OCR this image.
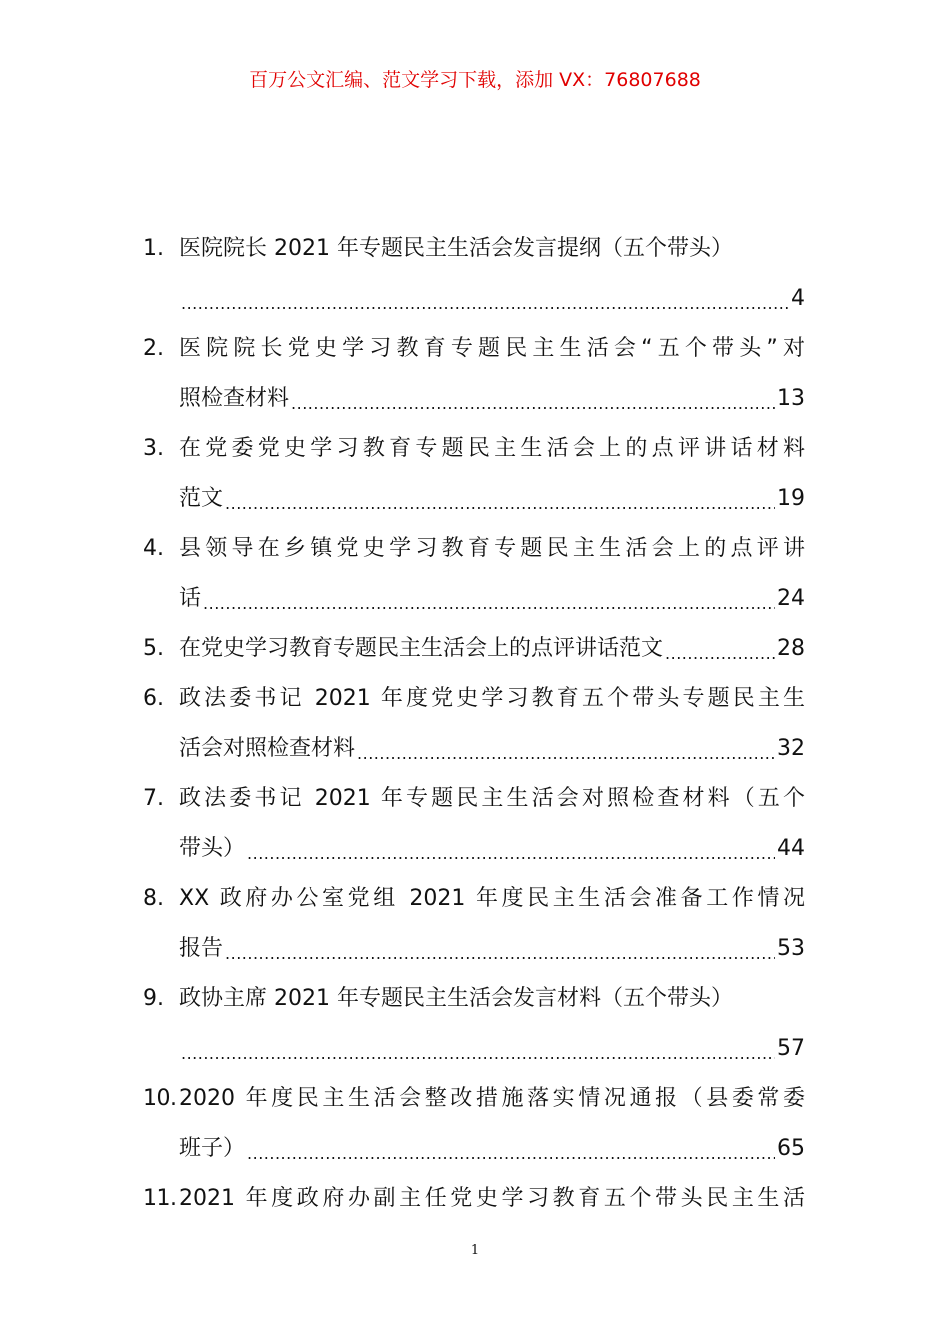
百万公文汇编、范文学习下载，添加 VX：76807688
1. 医院院长 2021 年专题民主生活会发言提纲（五个带头）
.....
4
2. 医院院长党史学习教育专题民主生活会“五个带头”对
照检查材料 .....	13
3. 在党委党史学习教育专题民主生活会上的点评讲话材料
范文 .....	19
4. 县领导在乡镇党史学习教育专题民主生活会上的点评讲
话 .....	24
5. 在党史学习教育专题民主生活会上的点评讲话范文 .....	28
6. 政法委书记 2021 年度党史学习教育五个带头专题民主生
活会对照检查材料 .....	32
7. 政法委书记 2021 年专题民主生活会对照检查材料（五个
带头） .....	44
8. XX 政府办公室党组 2021 年度民主生活会准备工作情况
报告 .....	53
9. 政协主席 2021 年专题民主生活会发言材料（五个带头）
.....
57
10. 2020 年度民主生活会整改措施落实情况通报（县委常委
班子） .....	65
11. 2021 年度政府办副主任党史学习教育五个带头民主生活
1
